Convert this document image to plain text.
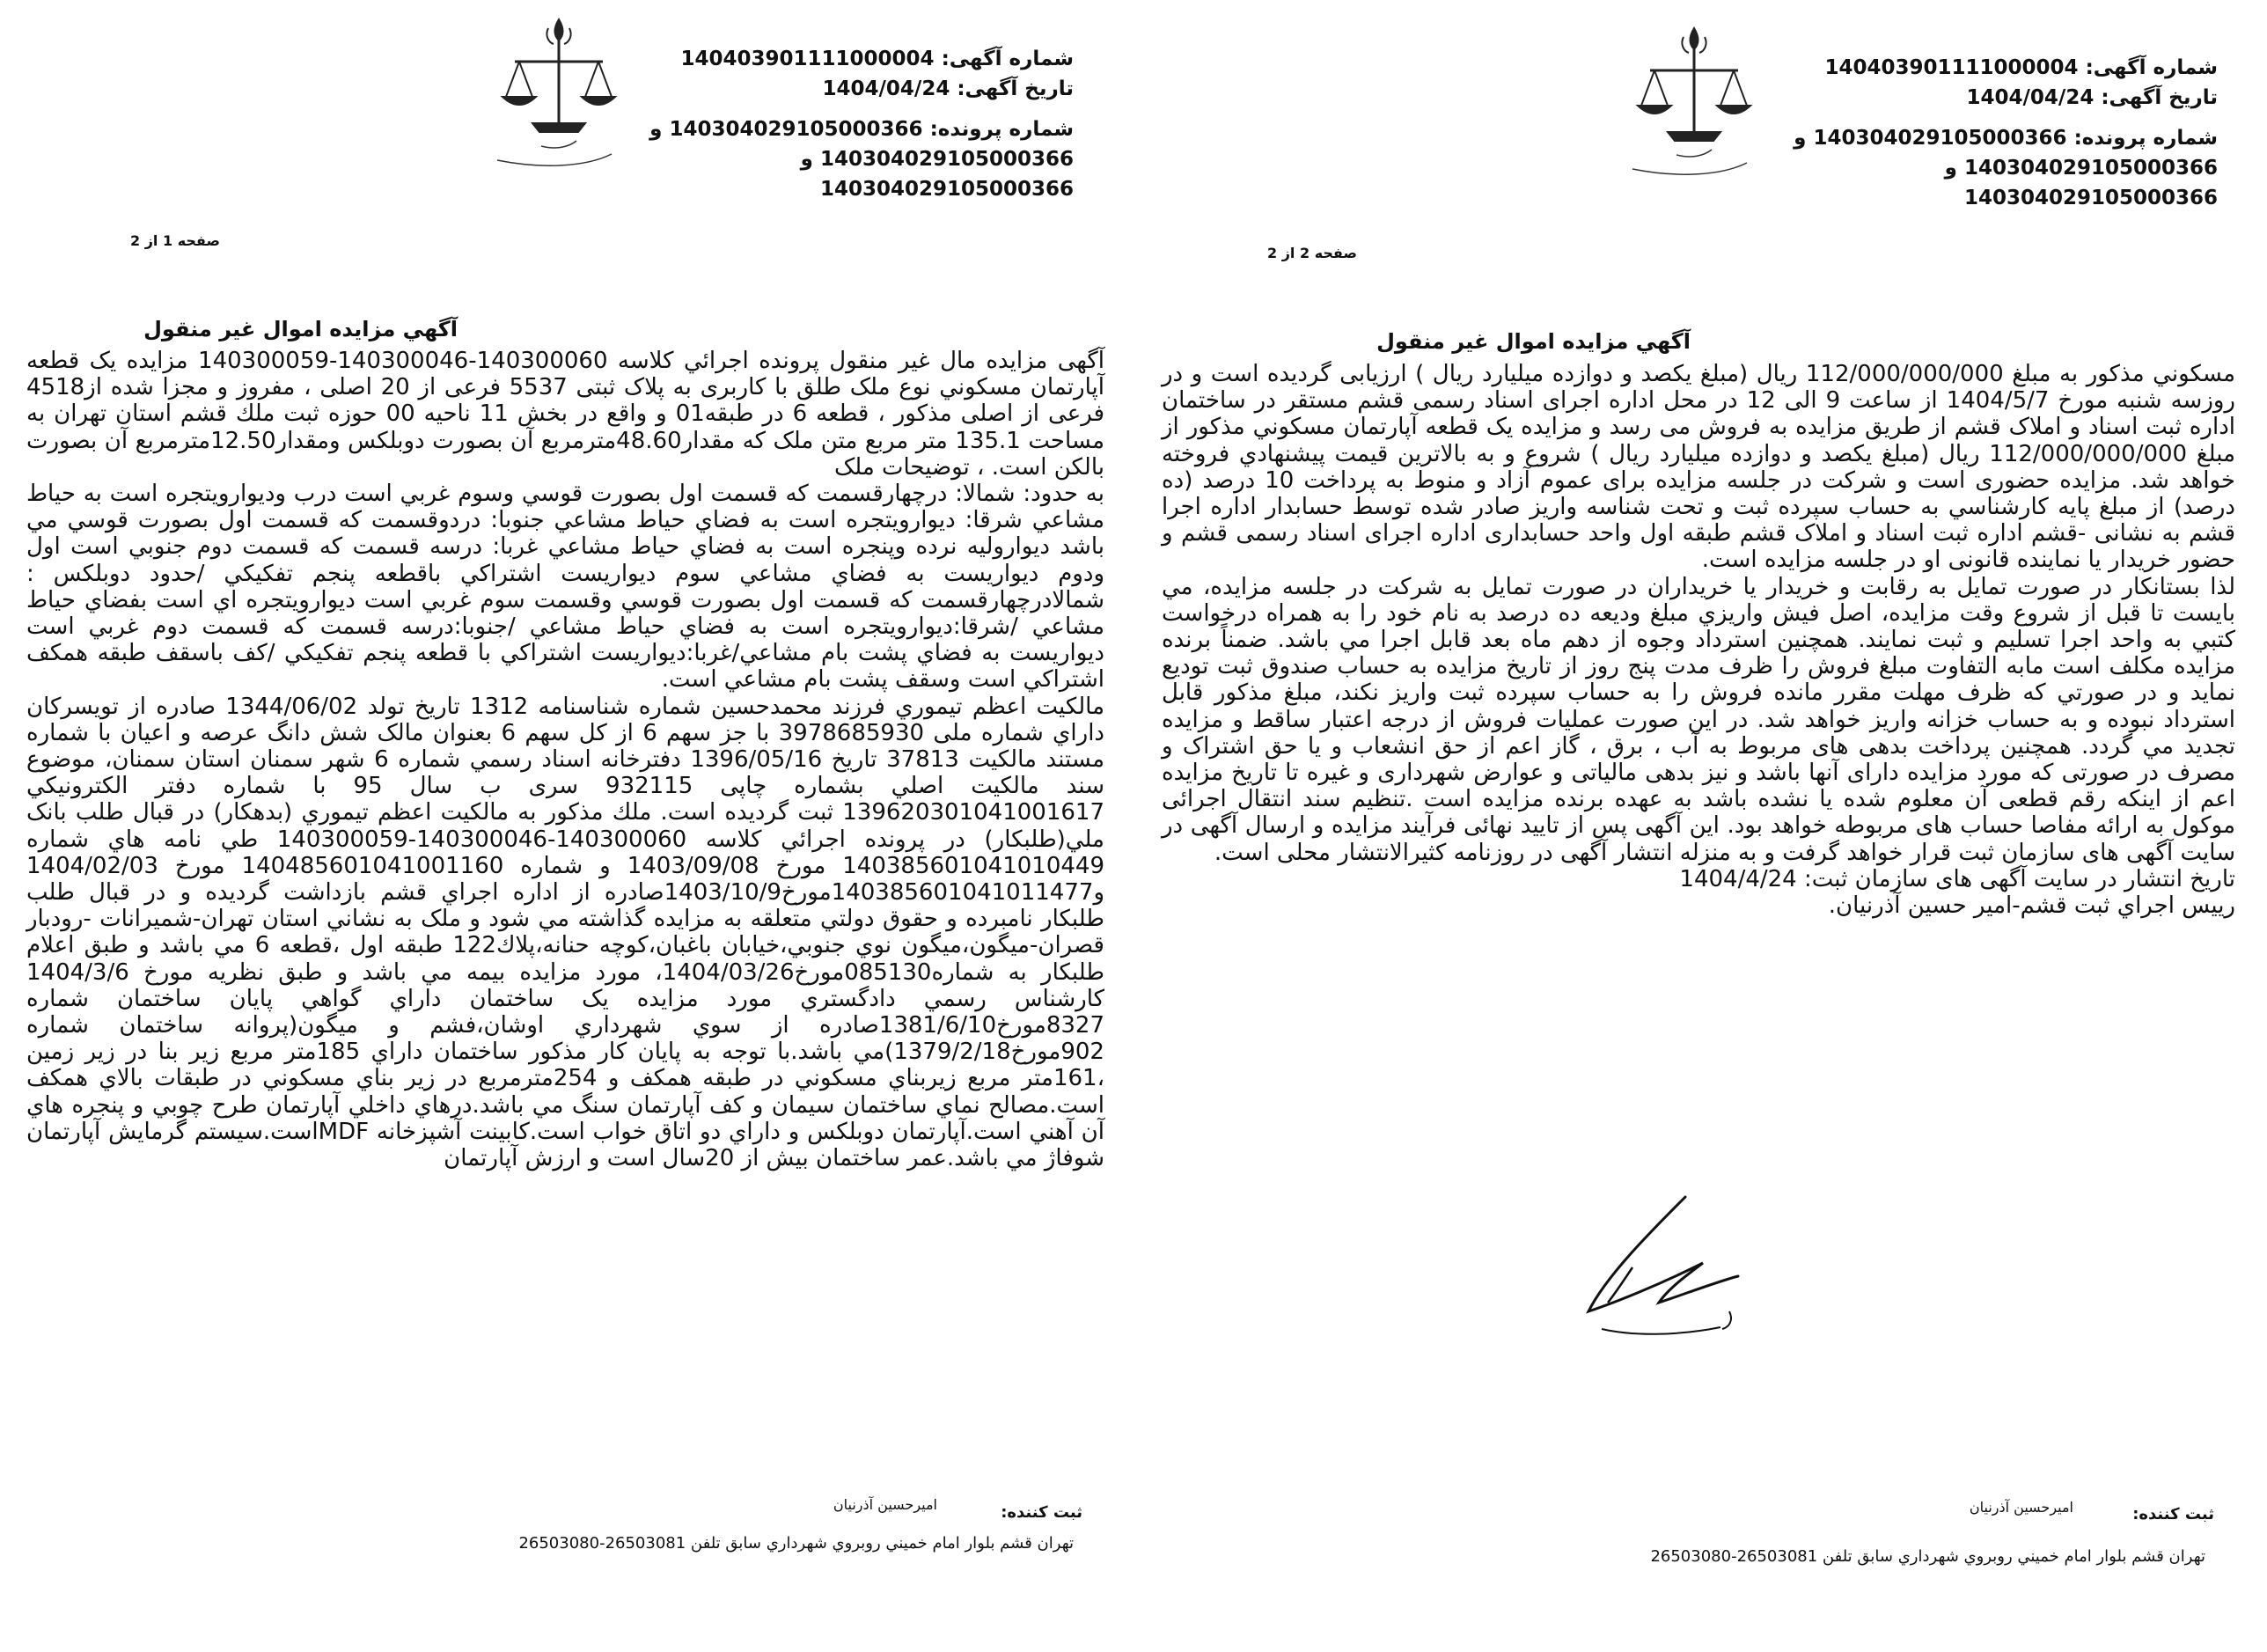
شماره آگهی: 140403901111000004
تاریخ آگهی: 1404/04/24
شماره پرونده: 14030402910500036‌6 و
14030402910500036‌6 و
140304029105000366
صفحه 1 از 2
آگهي مزايده اموال غير منقول

آگهی مزايده مال غير منقول پرونده اجرائي كلاسه 140300060-140300046-140300059 مزایده یک قطعه آپارتمان مسکوني نوع ملک طلق با کاربری به پلاک ثبتی 5537 فرعی از 20 اصلی ، مفروز و مجزا شده از4518 فرعی از اصلی مذکور ، قطعه 6 در طبقه01 و واقع در بخش 11 ناحيه 00 حوزه ثبت ملك قشم استان تهران به مساحت 135.1 متر مربع متن ملک که مقدار48.60مترمربع آن بصورت دوبلكس ومقدار12.50مترمربع آن بصورت بالکن است. ، توضیحات ملک

به حدود: شمالا: درچهارقسمت كه قسمت اول بصورت قوسي وسوم غربي است درب وديوارويتجره است به حياط مشاعي شرقا: ديوارويتجره است به فضاي حياط مشاعي جنوبا: دردوقسمت كه قسمت اول بصورت قوسي مي باشد ديواروليه نرده وپنجره است به فضاي حياط مشاعي غربا: درسه قسمت كه قسمت دوم جنوبي است اول ودوم ديواريست به فضاي مشاعي سوم ديواريست اشتراكي باقطعه پنجم تفكيكي /حدود دوبلكس : شمالادرچهارقسمت كه قسمت اول بصورت قوسي وقسمت سوم غربي است ديوارويتجره اي است بفضاي حياط مشاعي /شرقا:ديوارويتجره است به فضاي حياط مشاعي /جنوبا:درسه قسمت كه قسمت دوم غربي است ديواريست به فضاي پشت بام مشاعي/غربا:ديواريست اشتراكي با قطعه پنجم تفكيكي /كف باسقف طبقه همكف اشتراكي است وسقف پشت بام مشاعي است.

مالكيت اعظم تيموري فرزند محمدحسين شماره شناسنامه 1312 تاريخ تولد 1344/06/02 صادره از تويسركان داراي شماره ملی 3978685930 با جز سهم 6 از كل سهم 6 بعنوان مالک شش دانگ عرصه و اعيان با شماره مستند مالكيت 37813 تاريخ 1396/05/16 دفترخانه اسناد رسمي شماره 6 شهر سمنان استان سمنان، موضوع سند مالكيت اصلي بشماره چاپی 932115 سری ب سال 95 با شماره دفتر الكترونيكي 139620301041001617 ثبت گرديده است. ملك مذكور به مالكيت اعظم تيموري (بدهكار) در قبال طلب بانک ملي(طلبكار) در پرونده اجرائي كلاسه 140300060-140300046-140300059 طي نامه هاي شماره 140385601041010449 مورخ 1403/09/08 و شماره 140485601041001160 مورخ 1404/02/03 و140385601041011477مورخ1403/10/9صادره از اداره اجراي قشم بازداشت گرديده و در قبال طلب طلبكار نامبرده و حقوق دولتي متعلقه به مزايده گذاشته مي شود و ملک به نشاني استان تهران-شميرانات -رودبار قصران-ميگون،ميگون نوي جنوبي،خيابان باغبان،كوچه حنانه،پلاك122 طبقه اول ،قطعه 6 مي باشد و طبق اعلام طلبكار به شماره085130مورخ1404/03/26، مورد مزايده بيمه مي باشد و طبق نظريه مورخ 1404/3/6 كارشناس رسمي دادگستري مورد مزايده يک ساختمان داراي گواهي پايان ساختمان شماره 8327مورخ1381/6/10صادره از سوي شهرداري اوشان،فشم و ميگون(پروانه ساختمان شماره 902مورخ1379/2/18)مي باشد.با توجه به پايان كار مذكور ساختمان داراي 185متر مربع زير بنا در زير زمين ،161متر مربع زيربناي مسكوني در طبقه همكف و 254مترمربع در زير بناي مسكوني در طبقات بالاي همكف است.مصالح نماي ساختمان سيمان و كف آپارتمان سنگ مي باشد.درهاي داخلي آپارتمان طرح چوبي و پنجره هاي آن آهني است.آپارتمان دوبلكس و داراي دو اتاق خواب است.كابينت آشپزخانه MDFاست.سيستم گرمايش آپارتمان شوفاژ مي باشد.عمر ساختمان بيش از 20سال است و ارزش آپارتمان

ثبت کننده:
اميرحسين آذرنيان
تهران قشم بلوار امام خميني روبروي شهرداري سابق تلفن 26503081-26503080
شماره آگهی: 140403901111000004
تاریخ آگهی: 1404/04/24
شماره پرونده: 14030402910500036‌6 و
14030402910500036‌6 و
140304029105000366
صفحه 2 از 2
آگهي مزايده اموال غير منقول

مسكوني مذكور به مبلغ 112/000/000/000 ريال (مبلغ يكصد و دوازده ميليارد ريال ) ارزيابی گرديده است و در روزسه شنبه مورخ 1404/5/7 از ساعت 9 الی 12 در محل اداره اجرای اسناد رسمی قشم مستقر در ساختمان اداره ثبت اسناد و املاک قشم از طريق مزايده به فروش می رسد و مزايده یک قطعه آپارتمان مسكوني مذكور از مبلغ 112/000/000/000 ريال (مبلغ يكصد و دوازده ميليارد ريال ) شروع و به بالاترين قيمت پيشنهادي فروخته خواهد شد. مزايده حضوری است و شرکت در جلسه مزايده برای عموم آزاد و منوط به پرداخت 10 درصد (ده درصد) از مبلغ پايه كارشناسي به حساب سپرده ثبت و تحت شناسه واريز صادر شده توسط حسابدار اداره اجرا قشم به نشانی -قشم اداره ثبت اسناد و املاک قشم طبقه اول واحد حسابداری اداره اجرای اسناد رسمی قشم و حضور خريدار يا نماينده قانونی او در جلسه مزايده است.

لذا بستانكار در صورت تمايل به رقابت و خريدار يا خريداران در صورت تمايل به شركت در جلسه مزايده، مي بايست تا قبل از شروع وقت مزايده، اصل فيش واريزي مبلغ وديعه ده درصد به نام خود را به همراه درخواست كتبي به واحد اجرا تسليم و ثبت نمايند. همچنين استرداد وجوه از دهم ماه بعد قابل اجرا مي باشد. ضمناً برنده مزايده مكلف است مابه التفاوت مبلغ فروش را ظرف مدت پنج روز از تاريخ مزايده به حساب صندوق ثبت توديع نمايد و در صورتي كه ظرف مهلت مقرر مانده فروش را به حساب سپرده ثبت واريز نكند، مبلغ مذكور قابل استرداد نبوده و به حساب خزانه واريز خواهد شد. در اين صورت عمليات فروش از درجه اعتبار ساقط و مزايده تجديد مي گردد. همچنين پرداخت بدهی های مربوط به آب ، برق ، گاز اعم از حق انشعاب و يا حق اشتراک و مصرف در صورتی که مورد مزايده دارای آنها باشد و نيز بدهی مالياتی و عوارض شهرداری و غيره تا تاريخ مزايده اعم از اينکه رقم قطعی آن معلوم شده يا نشده باشد به عهده برنده مزايده است .تنظيم سند انتقال اجرائی موکول به ارائه مفاصا حساب های مربوطه خواهد بود. اين آگهی پس از تاييد نهائی فرآيند مزايده و ارسال آگهی در سايت آگهی های سازمان ثبت قرار خواهد گرفت و به منزله انتشار آگهی در روزنامه کثيرالانتشار محلی است.

تاريخ انتشار در سايت آگهی های سازمان ثبت: 1404/4/24

رييس اجراي ثبت قشم-امير حسين آذرنيان.

ثبت کننده:
اميرحسين آذرنيان
تهران قشم بلوار امام خميني روبروي شهرداري سابق تلفن 26503081-26503080
